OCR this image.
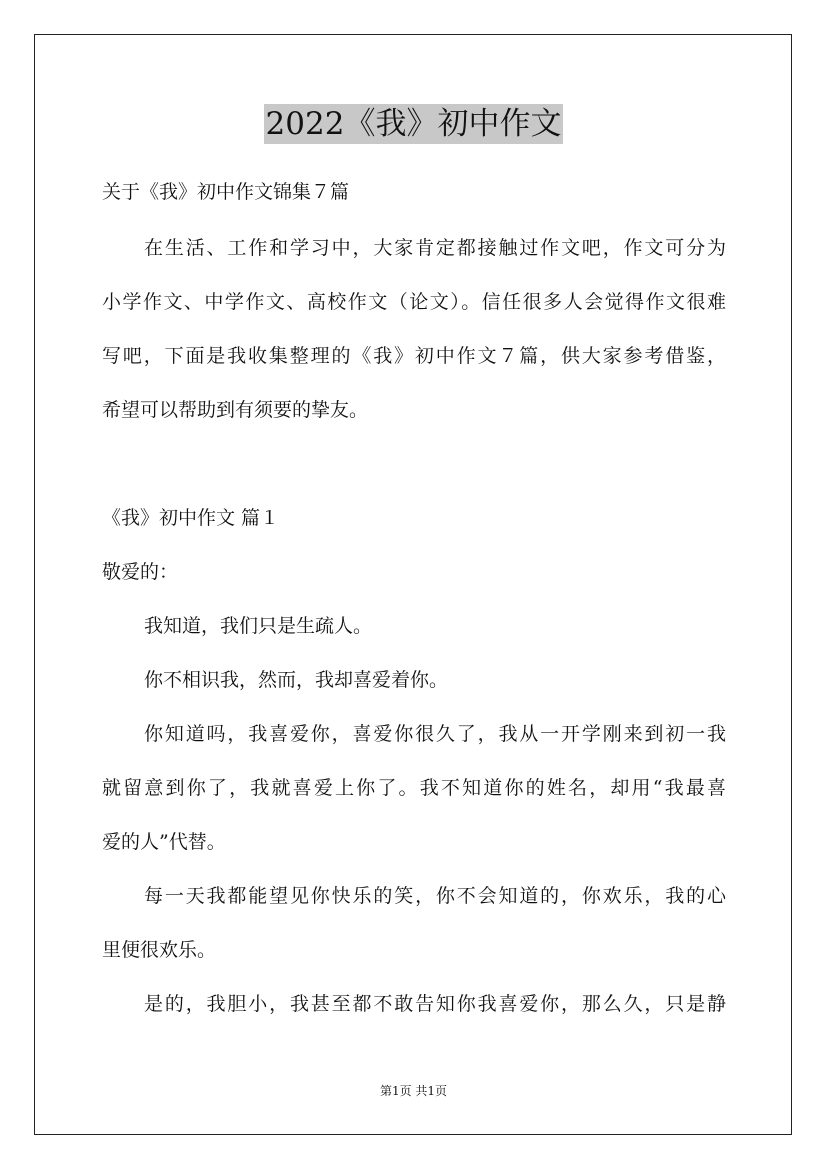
2022《我》初中作文
关于《我》初中作文锦集７篇
在生活、工作和学习中，大家肯定都接触过作文吧，作文可分为
小学作文、中学作文、高校作文（论文）。信任很多人会觉得作文很难
写吧，下面是我收集整理的《我》初中作文７篇，供大家参考借鉴，
希望可以帮助到有须要的挚友。
《我》初中作文 篇１
敬爱的：
我知道，我们只是生疏人。
你不相识我，然而，我却喜爱着你。
你知道吗，我喜爱你，喜爱你很久了，我从一开学刚来到初一我
就留意到你了，我就喜爱上你了。我不知道你的姓名，却用“我最喜
爱的人”代替。
每一天我都能望见你快乐的笑，你不会知道的，你欢乐，我的心
里便很欢乐。
是的，我胆小，我甚至都不敢告知你我喜爱你，那么久，只是静
第1页 共1页
